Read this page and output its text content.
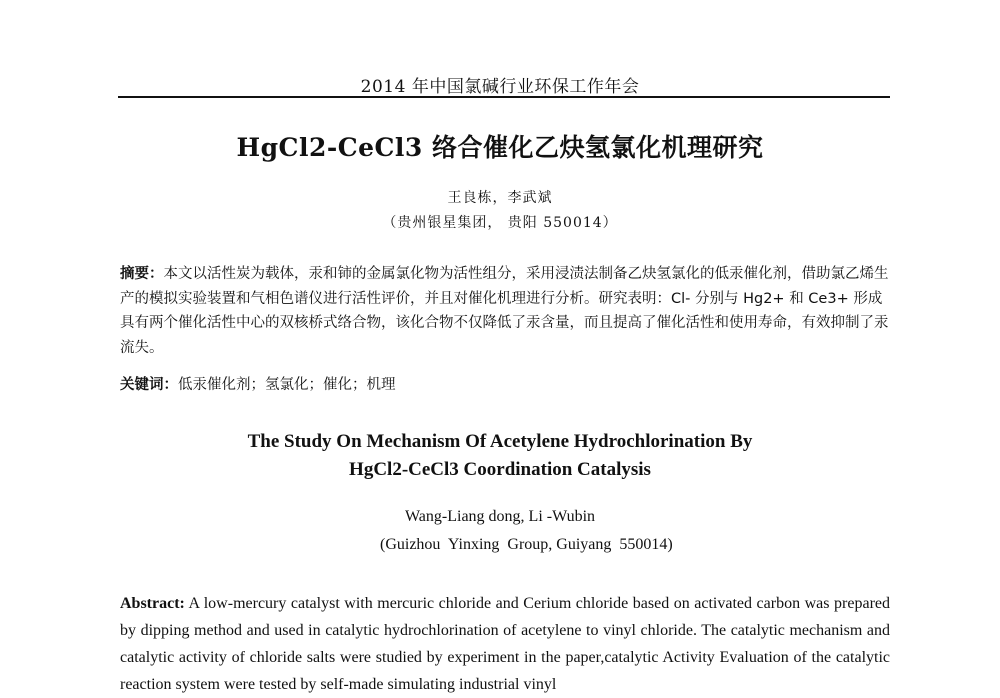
2014 年中国氯碱行业环保工作年会
HgCl2-CeCl3 络合催化乙炔氢氯化机理研究
王良栋，李武斌
（贵州银星集团， 贵阳 550014）

摘要：本文以活性炭为载体，汞和铈的金属氯化物为活性组分，采用浸渍法制备乙炔氢氯化的低汞催化剂，借助氯乙烯生产的模拟实验装置和气相色谱仪进行活性评价，并且对催化机理进行分析。研究表明：Cl- 分别与 Hg2+ 和 Ce3+ 形成具有两个催化活性中心的双核桥式络合物，该化合物不仅降低了汞含量，而且提高了催化活性和使用寿命，有效抑制了汞流失。

关键词：低汞催化剂；氢氯化；催化；机理
The Study On Mechanism Of Acetylene Hydrochlorination By
HgCl2-CeCl3 Coordination Catalysis
Wang-Liang dong, Li -Wubin
(Guizhou  Yinxing  Group, Guiyang  550014)

Abstract: A low-mercury catalyst with mercuric chloride and Cerium chloride based on activated carbon was prepared by dipping method and used in catalytic hydrochlorination of acetylene to vinyl chloride. The catalytic mechanism and catalytic activity of chloride salts were studied by experiment in the paper,catalytic Activity Evaluation of the catalytic reaction system were tested by self-made simulating industrial vinyl
